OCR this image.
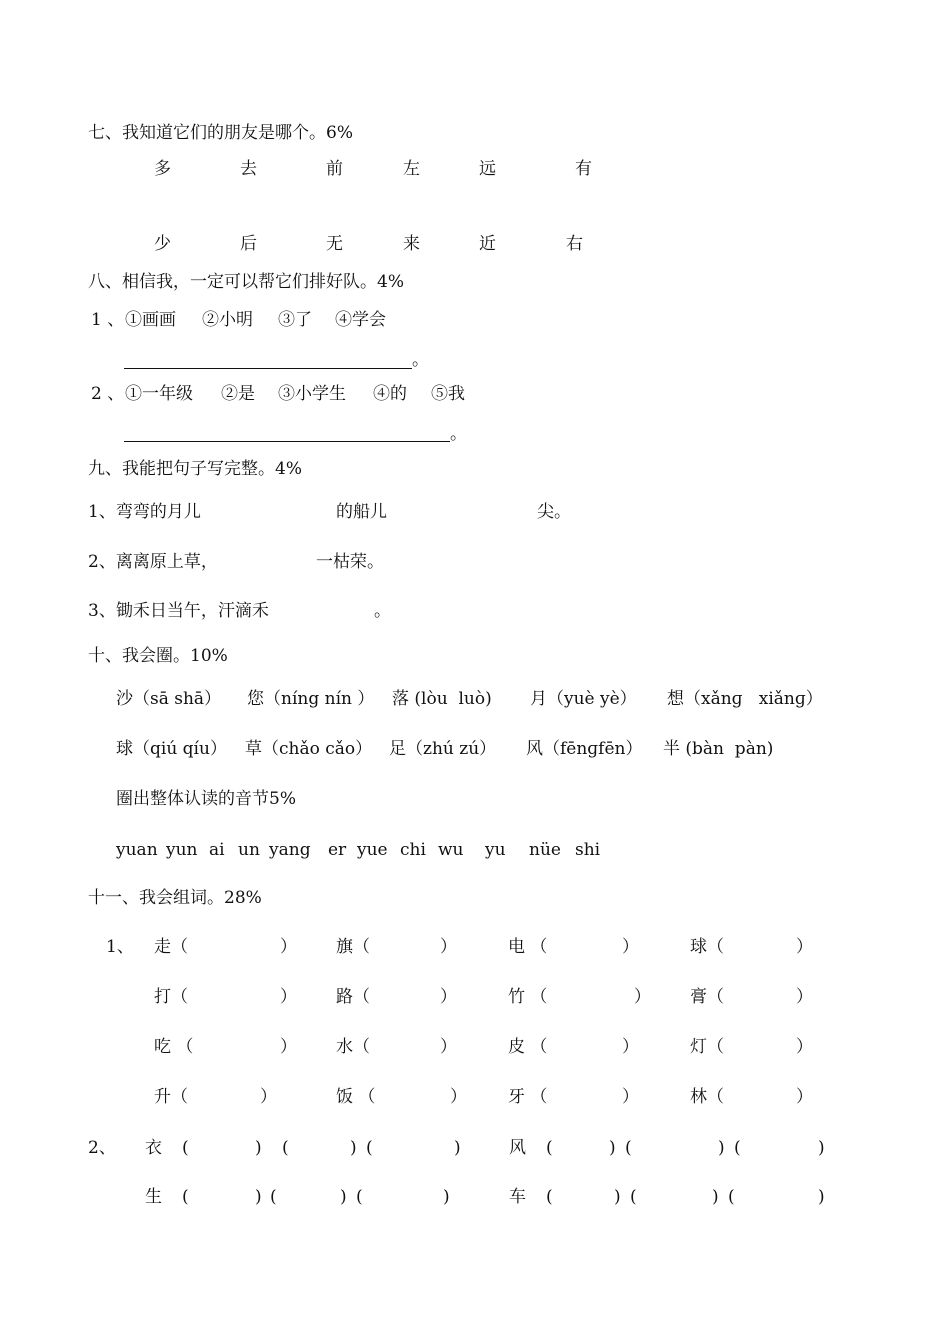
七、我知道它们的朋友是哪个。6%
多	去	前	左	远	有
少	后	无	来	近	右
八、相信我，一定可以帮它们排好队。4%
1 、 ①画画 ②小明 ③了 ④学会
。
2 、 ①一年级 ②是 ③小学生 ④的 ⑤我
。
九、我能把句子写完整。4%
1、弯弯的月儿	的船儿	尖。
2、离离原上草，	一枯荣。
3、锄禾日当午，汗滴禾	。
十、我会圈。10%
沙（sā shā） 您（níng nín ） 落 (lòu  luò) 月（yuè yè） 想（xǎnɡ   xiǎnɡ）
球（qiú qíu） 草（chǎo cǎo） 足（zhú zú） 风（fēnɡfēn） 半 (bàn  pàn)
圈出整体认读的音节5%
yuan yun ai un yang er yue chi wu yu nüe shi
十一、我会组词。28%
1、 走（	） 旗（	）	电 （	）	球（	）
打（	） 路（	）	竹 （	） 膏（	）
吃 （	） 水（	）	皮 （	）	灯（	）
升（	）	饭 （	） 牙 （	）	林（	）
2、 衣 (	) (	) (	)	风 (	) (	) (	)
生 (	) (	) (	)	车 (	) (	) (	)
